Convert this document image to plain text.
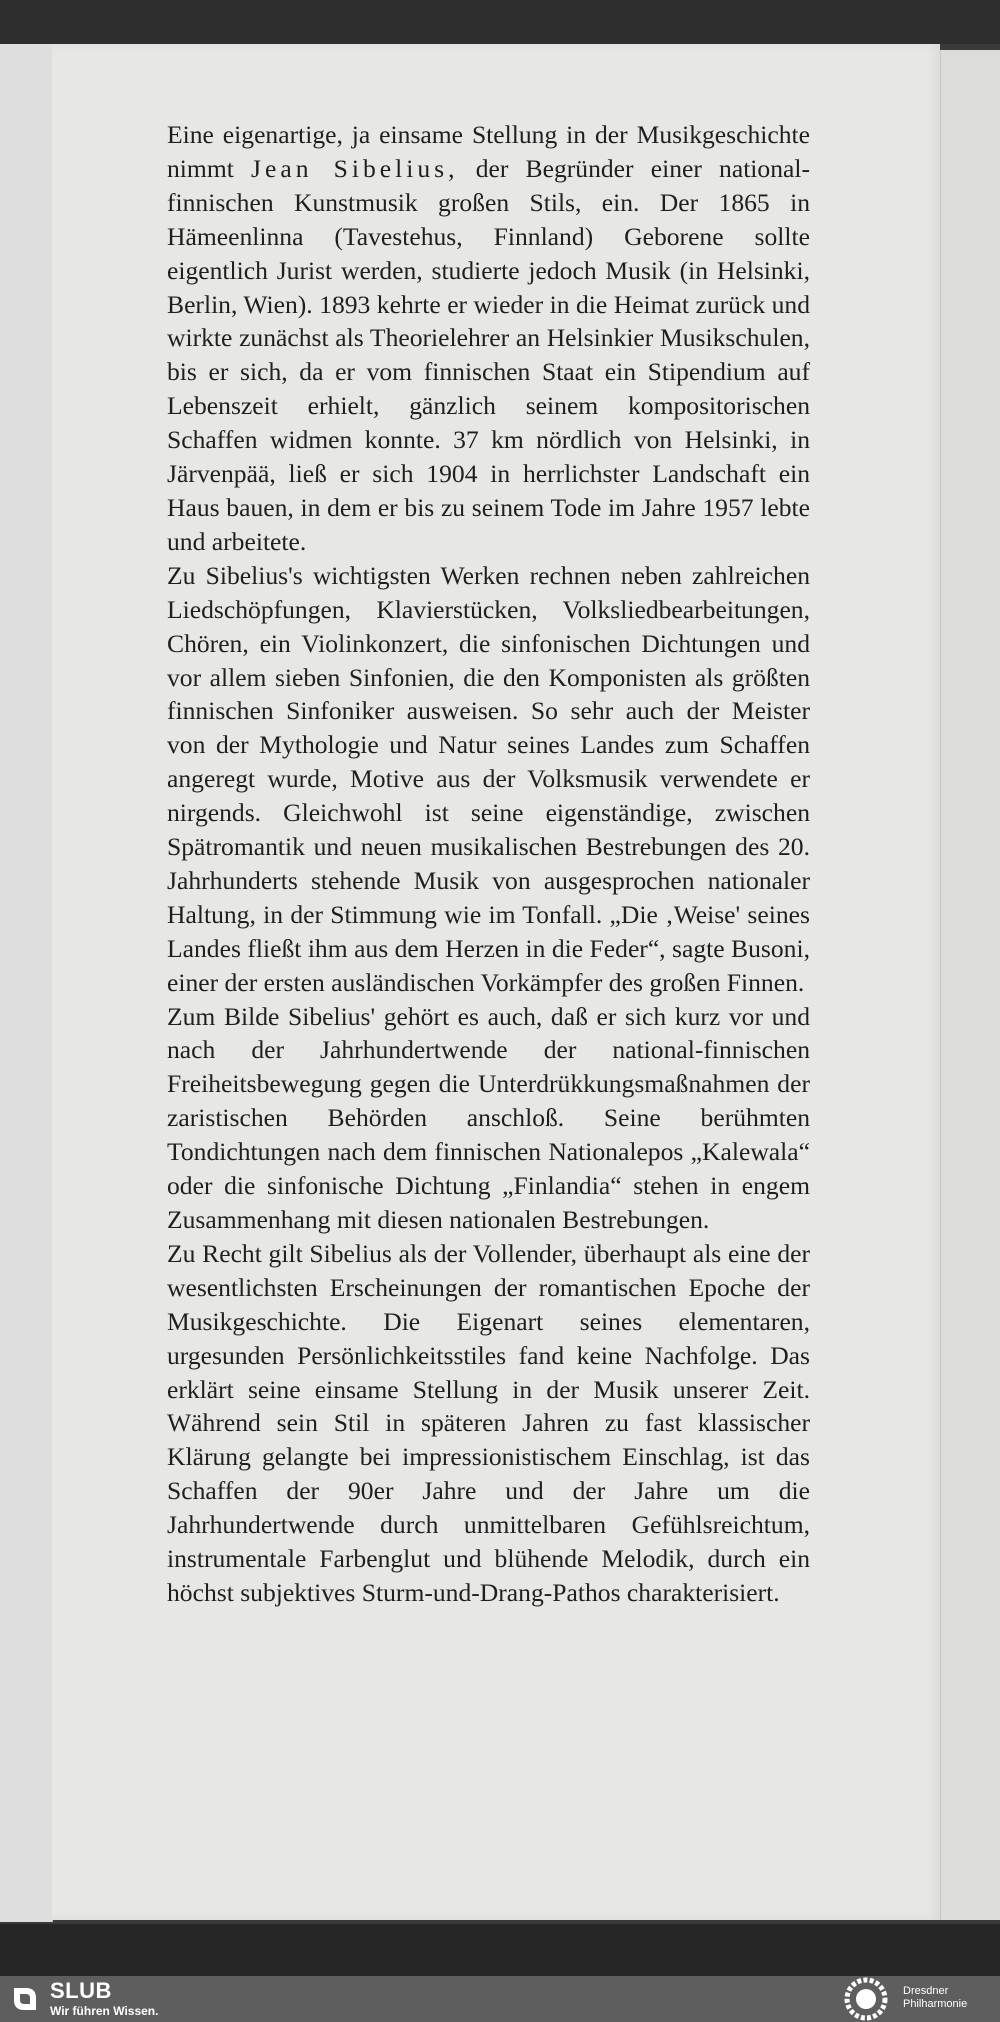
Eine eigenartige, ja einsame Stellung in der Musikgeschichte nimmt Jean Sibelius, der Begründer einer national-finnischen Kunstmusik großen Stils, ein. Der 1865 in Hämeenlinna (Tavestehus, Finnland) Geborene sollte eigentlich Jurist werden, studierte jedoch Musik (in Helsinki, Berlin, Wien). 1893 kehrte er wieder in die Heimat zurück und wirkte zunächst als Theorielehrer an Helsinkier Musikschulen, bis er sich, da er vom finnischen Staat ein Stipendium auf Lebenszeit erhielt, gänzlich seinem kompositorischen Schaffen widmen konnte. 37 km nördlich von Helsinki, in Järvenpää, ließ er sich 1904 in herrlichster Landschaft ein Haus bauen, in dem er bis zu seinem Tode im Jahre 1957 lebte und arbeitete.

Zu Sibelius's wichtigsten Werken rechnen neben zahlreichen Liedschöpfungen, Klavierstücken, Volksliedbearbeitungen, Chören, ein Violinkonzert, die sinfonischen Dichtungen und vor allem sieben Sinfonien, die den Komponisten als größten finnischen Sinfoniker ausweisen. So sehr auch der Meister von der Mythologie und Natur seines Landes zum Schaffen angeregt wurde, Motive aus der Volksmusik verwendete er nirgends. Gleichwohl ist seine eigenständige, zwischen Spätromantik und neuen musikalischen Bestrebungen des 20. Jahrhunderts stehende Musik von ausgesprochen nationaler Haltung, in der Stimmung wie im Tonfall. „Die ‚Weise' seines Landes fließt ihm aus dem Herzen in die Feder“, sagte Busoni, einer der ersten ausländischen Vorkämpfer des großen Finnen.

Zum Bilde Sibelius' gehört es auch, daß er sich kurz vor und nach der Jahrhundertwende der national-finnischen Freiheitsbewegung gegen die Unterdrükkungsmaßnahmen der zaristischen Behörden anschloß. Seine berühmten Tondichtungen nach dem finnischen Nationalepos „Kalewala“ oder die sinfonische Dichtung „Finlandia“ stehen in engem Zusammenhang mit diesen nationalen Bestrebungen.

Zu Recht gilt Sibelius als der Vollender, überhaupt als eine der wesentlichsten Erscheinungen der romantischen Epoche der Musikgeschichte. Die Eigenart seines elementaren, urgesunden Persönlichkeitsstiles fand keine Nachfolge. Das erklärt seine einsame Stellung in der Musik unserer Zeit. Während sein Stil in späteren Jahren zu fast klassischer Klärung gelangte bei impressionistischem Einschlag, ist das Schaffen der 90er Jahre und der Jahre um die Jahrhundertwende durch unmittelbaren Gefühlsreichtum, instrumentale Farbenglut und blühende Melodik, durch ein höchst subjektives Sturm-und-Drang-Pathos charakterisiert.

SLUB
Wir führen Wissen.
Dresdner
Philharmonie
